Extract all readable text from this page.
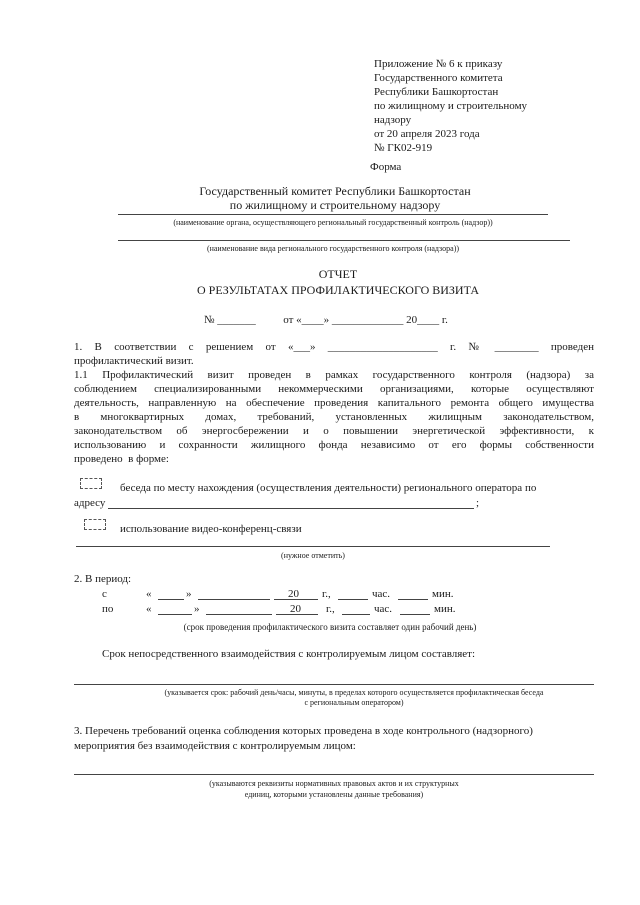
Приложение № 6 к приказу
Государственного комитета
Республики Башкортостан
по жилищному и строительному
надзору
от 20 апреля 2023 года
№ ГК02-919
Форма
Государственный комитет Республики Башкортостан
по жилищному и строительному надзору
(наименование органа, осуществляющего региональный государственный контроль (надзор))
(наименование вида регионального государственного контроля (надзора))
ОТЧЕТ
О РЕЗУЛЬТАТАХ ПРОФИЛАКТИЧЕСКОГО ВИЗИТА
№ _______          от «____» _____________ 20____ г.
1.  В  соответствии  с  решением  от  «___»  ____________________  г.  №  ________  проведен
профилактический визит.
1.1  Профилактический  визит  проведен  в  рамках  государственного  контроля  (надзора)  за
соблюдением специализированными некоммерческими организациями, которые осуществляют
деятельность, направленную на обеспечение проведения капитального ремонта общего имущества
в  многоквартирных  домах,  требований,  установленных  жилищным  законодательством,
законодательством  об  энергосбережении  и  о  повышении  энергетической  эффективности,  к
использованию  и  сохранности  жилищного  фонда  независимо  от  его  формы  собственности
проведено  в форме:
беседа по месту нахождения (осуществления деятельности) регионального оператора по
адресу	;
использование видео-конференц-связи
(нужное отметить)
2. В период:
с	«	»	20 г.,	час.	мин.
по	«	»	20 г.,	час.	мин.
(срок проведения профилактического визита составляет один рабочий день)
Срок непосредственного взаимодействия с контролируемым лицом составляет:
(указывается срок: рабочий день/часы, минуты, в пределах которого осуществляется профилактическая беседа
с региональным оператором)
3. Перечень требований оценка соблюдения которых проведена в ходе контрольного (надзорного)
мероприятия без взаимодействия с контролируемым лицом:
(указываются реквизиты нормативных правовых актов и их структурных
единиц, которыми установлены данные требования)
